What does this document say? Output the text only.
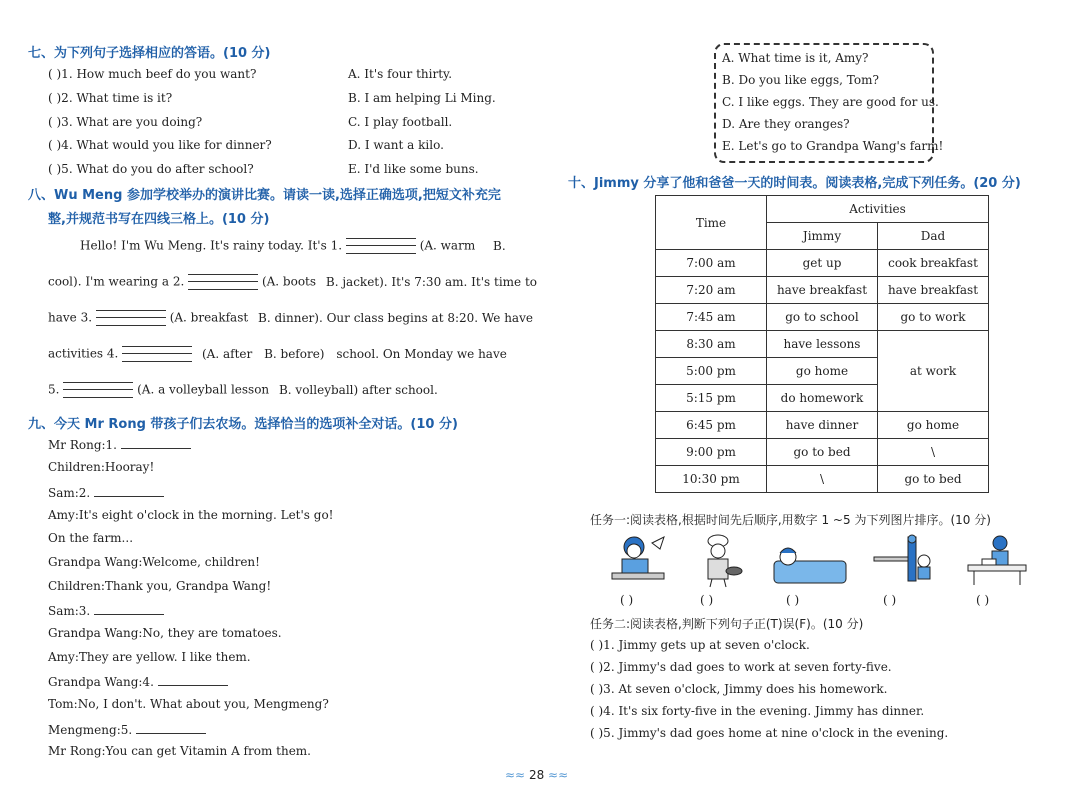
七、为下列句子选择相应的答语。(10 分)
( )1. How much beef do you want?	A. It's four thirty.
( )2. What time is it?	B. I am helping Li Ming.
( )3. What are you doing?	C. I play football.
( )4. What would you like for dinner?	D. I want a kilo.
( )5. What do you do after school?	E. I'd like some buns.
八、Wu Meng 参加学校举办的演讲比赛。请读一读,选择正确选项,把短文补充完
整,并规范书写在四线三格上。(10 分)
Hello! I'm Wu Meng. It's rainy today. It's 1.	(A. warm B.
cool). I'm wearing a 2.	(A. boots B. jacket). It's 7:30 am. It's time to
have 3.	(A. breakfast B. dinner). Our class begins at 8:20. We have
activities 4.	(A. after B. before) school. On Monday we have
5.	(A. a volleyball lesson B. volleyball) after school.
九、今天 Mr Rong 带孩子们去农场。选择恰当的选项补全对话。(10 分)
Mr Rong:1.
Children:Hooray!
Sam:2.
Amy:It's eight o'clock in the morning. Let's go!
On the farm...
Grandpa Wang:Welcome, children!
Children:Thank you, Grandpa Wang!
Sam:3.
Grandpa Wang:No, they are tomatoes.
Amy:They are yellow. I like them.
Grandpa Wang:4.
Tom:No, I don't. What about you, Mengmeng?
Mengmeng:5.
Mr Rong:You can get Vitamin A from them.
A. What time is it, Amy?
B. Do you like eggs, Tom?
C. I like eggs. They are good for us.
D. Are they oranges?
E. Let's go to Grandpa Wang's farm!
十、Jimmy 分享了他和爸爸一天的时间表。阅读表格,完成下列任务。(20 分)
Time	Activities	
	Jimmy	Dad
7:00 am	get up	cook breakfast
7:20 am	have breakfast	have breakfast
7:45 am	go to school	go to work
8:30 am	have lessons	at work
5:00 pm	go home	
5:15 pm	do homework	
6:45 pm	have dinner	go home
9:00 pm	go to bed	\
10:30 pm	\	go to bed
任务一:阅读表格,根据时间先后顺序,用数字 1 ~5 为下列图片排序。(10 分)
( )	( )	( )	( )	( )
任务二:阅读表格,判断下列句子正(T)误(F)。(10 分)
( )1. Jimmy gets up at seven o'clock.
( )2. Jimmy's dad goes to work at seven forty-five.
( )3. At seven o'clock, Jimmy does his homework.
( )4. It's six forty-five in the evening. Jimmy has dinner.
( )5. Jimmy's dad goes home at nine o'clock in the evening.
≈≈ 28 ≈≈
